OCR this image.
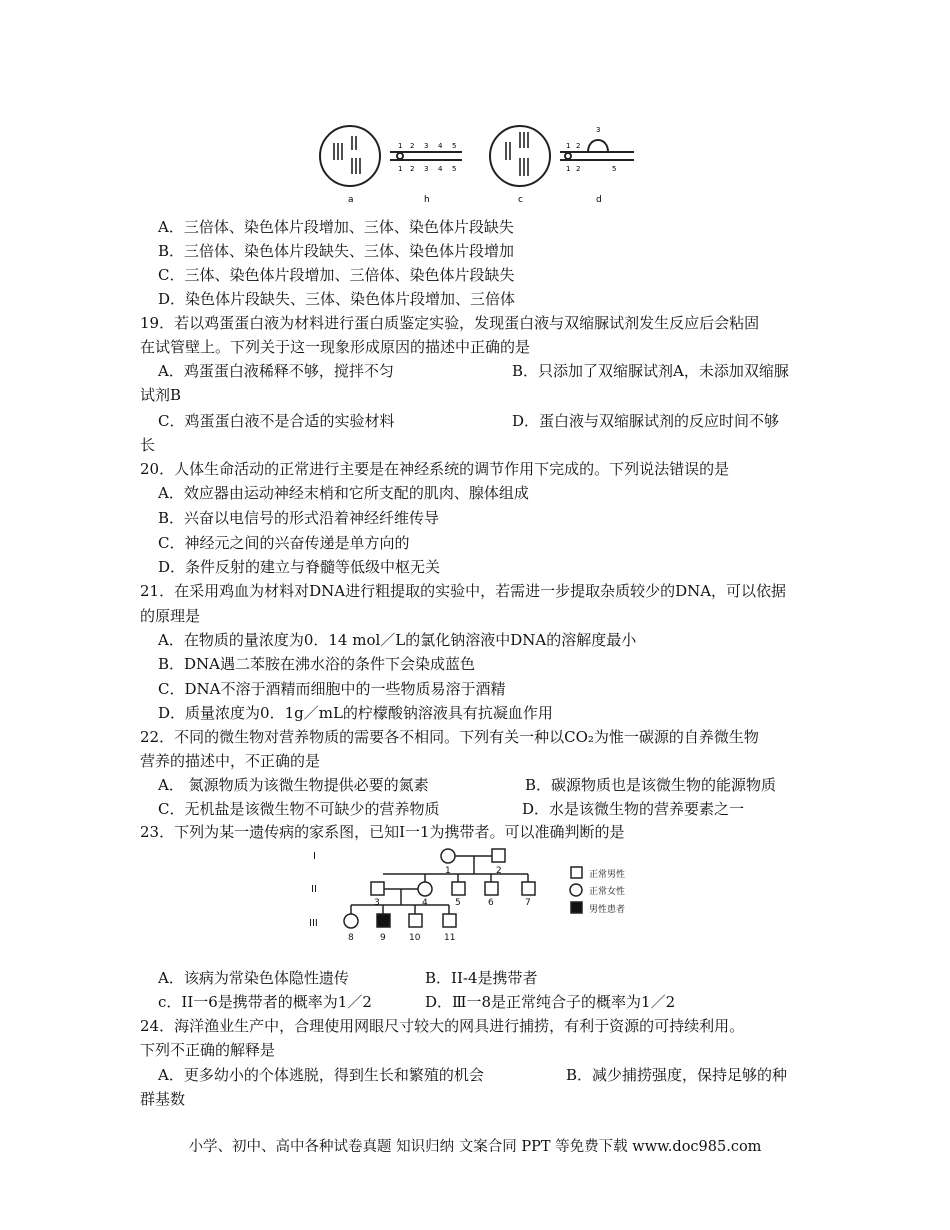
1 2 3 4 5
1 2 3 4 5
1 2
3
1 2	5
a	h	c	d
A．三倍体、染色体片段增加、三体、染色体片段缺失
B．三倍体、染色体片段缺失、三体、染色体片段增加
C．三体、染色体片段增加、三倍体、染色体片段缺失
D．染色体片段缺失、三体、染色体片段增加、三倍体
19．若以鸡蛋蛋白液为材料进行蛋白质鉴定实验，发现蛋白液与双缩脲试剂发生反应后会粘固
在试管壁上。下列关于这一现象形成原因的描述中正确的是
A．鸡蛋蛋白液稀释不够，搅拌不匀	B．只添加了双缩脲试剂A，未添加双缩脲
试剂B
C．鸡蛋蛋白液不是合适的实验材料	D．蛋白液与双缩脲试剂的反应时间不够
长
20．人体生命活动的正常进行主要是在神经系统的调节作用下完成的。下列说法错误的是
A．效应器由运动神经末梢和它所支配的肌肉、腺体组成
B．兴奋以电信号的形式沿着神经纤维传导
C．神经元之间的兴奋传递是单方向的
D．条件反射的建立与脊髓等低级中枢无关
21．在采用鸡血为材料对DNA进行粗提取的实验中，若需进一步提取杂质较少的DNA，可以依据
的原理是
A．在物质的量浓度为0．14 mol／L的氯化钠溶液中DNA的溶解度最小
B．DNA遇二苯胺在沸水浴的条件下会染成蓝色
C．DNA不溶于酒精而细胞中的一些物质易溶于酒精
D．质量浓度为0．1g／mL的柠檬酸钠溶液具有抗凝血作用
22．不同的微生物对营养物质的需要各不相同。下列有关一种以CO₂为惟一碳源的自养微生物
营养的描述中，不正确的是
A． 氮源物质为该微生物提供必要的氮素	B．碳源物质也是该微生物的能源物质
C．无机盐是该微生物不可缺少的营养物质	D．水是该微生物的营养要素之一
23．下列为某一遗传病的家系图，已知I一1为携带者。可以准确判断的是
I
II
III
1	2
3	4	5	6	7
8	9	10	11
正常男性
正常女性
男性患者
A．该病为常染色体隐性遗传	B．II-4是携带者
c．II一6是携带者的概率为1／2	D．Ⅲ一8是正常纯合子的概率为1／2
24．海洋渔业生产中，合理使用网眼尺寸较大的网具进行捕捞，有利于资源的可持续利用。
下列不正确的解释是
A．更多幼小的个体逃脱，得到生长和繁殖的机会	B．减少捕捞强度，保持足够的种
群基数
小学、初中、高中各种试卷真题 知识归纳 文案合同 PPT 等免费下载 www.doc985.com
